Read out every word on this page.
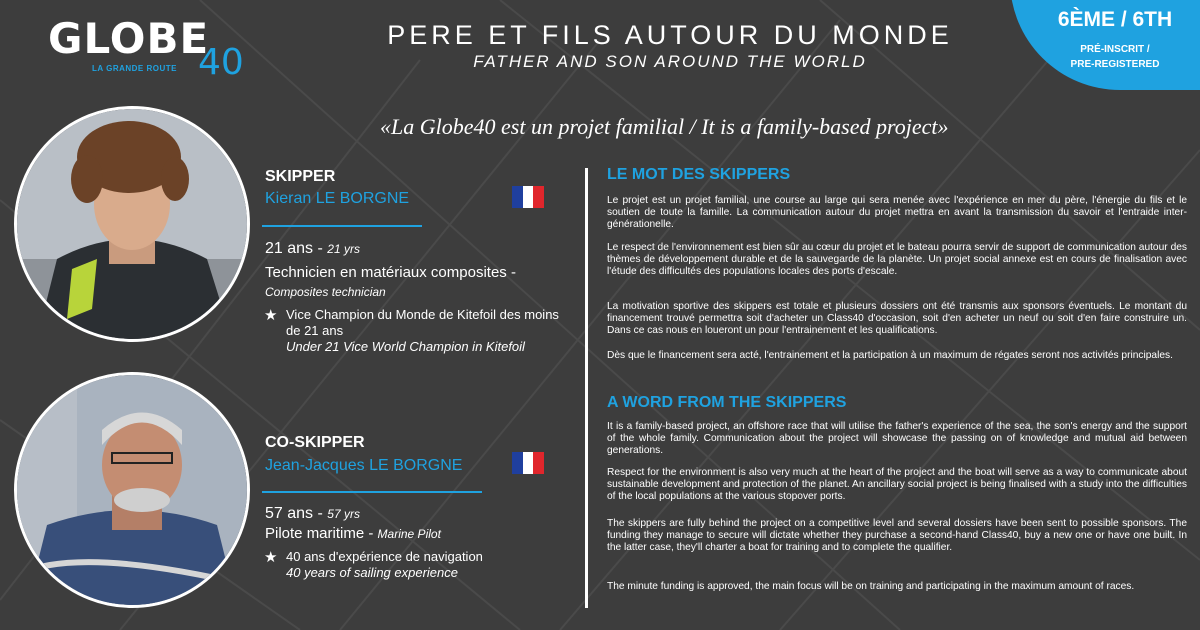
GLOBE
40
LA GRANDE ROUTE
PERE ET FILS AUTOUR DU MONDE
FATHER AND SON AROUND THE WORLD
6ÈME / 6TH
PRÉ-INSCRIT /
PRE-REGISTERED
«La Globe40 est un projet familial / It is a family-based project»
SKIPPER
Kieran LE BORGNE
21 ans - 21 yrs
Technicien en matériaux composites -
Composites technician
★ Vice Champion du Monde de Kitefoil des moins de 21 ans
Under 21 Vice World Champion in Kitefoil
CO-SKIPPER
Jean-Jacques LE BORGNE
57 ans - 57 yrs
Pilote maritime - Marine Pilot
★ 40 ans d'expérience de navigation
40 years of sailing experience
LE MOT DES SKIPPERS
Le projet est un projet familial, une course au large qui sera menée avec l'expérience en mer du père, l'énergie du fils et le soutien de toute la famille. La communication autour du projet mettra en avant la transmission du savoir et l'entraide inter-générationelle.
Le respect de l'environnement est bien sûr au cœur du projet et le bateau pourra servir de support de communication autour des thèmes de développement durable et de la sauvegarde de la planète. Un projet social annexe est en cours de finalisation avec l'étude des difficultés des populations locales des ports d'escale.
La motivation sportive des skippers est totale et plusieurs dossiers ont été transmis aux sponsors éventuels. Le montant du financement trouvé permettra soit d'acheter un Class40 d'occasion, soit d'en acheter un neuf ou soit d'en faire construire un. Dans ce cas nous en loueront un pour l'entrainement et les qualifications.
Dès que le financement sera acté, l'entrainement et la participation à un maximum de régates seront nos activités principales.
A WORD FROM THE SKIPPERS
It is a family-based project, an offshore race that will utilise the father's experience of the sea, the son's energy and the support of the whole family. Communication about the project will showcase the passing on of knowledge and mutual aid between generations.
Respect for the environment is also very much at the heart of the project and the boat will serve as a way to communicate about sustainable development and protection of the planet. An ancillary social project is being finalised with a study into the difficulties of the local populations at the various stopover ports.
The skippers are fully behind the project on a competitive level and several dossiers have been sent to possible sponsors. The funding they manage to secure will dictate whether they purchase a second-hand Class40, buy a new one or have one built. In the latter case, they'll charter a boat for training and to complete the qualifier.
The minute funding is approved, the main focus will be on training and participating in the maximum amount of races.
